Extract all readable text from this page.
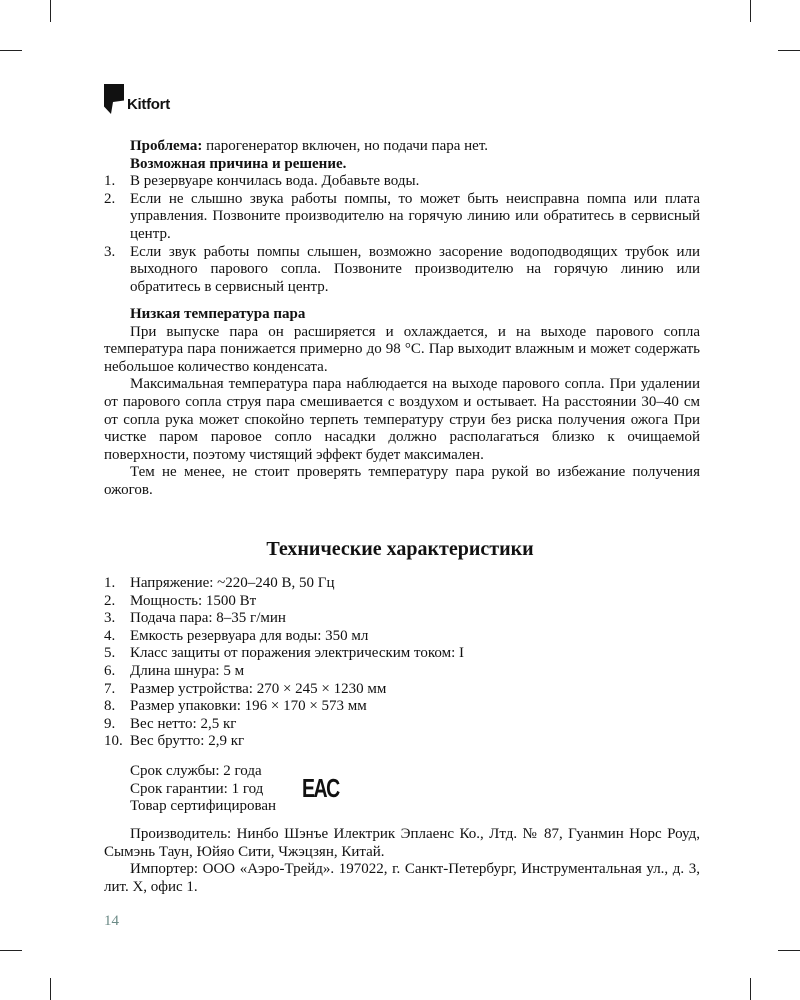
Kitfort
Проблема: парогенератор включен, но подачи пара нет.
Возможная причина и решение.
1. В резервуаре кончилась вода. Добавьте воды.
2. Если не слышно звука работы помпы, то может быть неисправна помпа или плата управления. Позвоните производителю на горячую линию или обратитесь в сервисный центр.
3. Если звук работы помпы слышен, возможно засорение водоподводящих трубок или выходного парового сопла. Позвоните производителю на горячую линию или обратитесь в сервисный центр.
Низкая температура пара

При выпуске пара он расширяется и охлаждается, и на выходе парового сопла температура пара понижается примерно до 98 °С. Пар выходит влажным и может содержать небольшое количество конденсата.

Максимальная температура пара наблюдается на выходе парового сопла. При удалении от парового сопла струя пара смешивается с воздухом и остывает. На расстоянии 30–40 см от сопла рука может спокойно терпеть температуру струи без риска получения ожога При чистке паром паровое сопло насадки должно располагаться близко к очищаемой поверхности, поэтому чистящий эффект будет максимален.

Тем не менее, не стоит проверять температуру пара рукой во избежание получения ожогов.

Технические характеристики
1. Напряжение: ~220–240 В, 50 Гц
2. Мощность: 1500 Вт
3. Подача пара: 8–35 г/мин
4. Емкость резервуара для воды: 350 мл
5. Класс защиты от поражения электрическим током: I
6. Длина шнура: 5 м
7. Размер устройства: 270 × 245 × 1230 мм
8. Размер упаковки: 196 × 170 × 573 мм
9. Вес нетто: 2,5 кг
10. Вес брутто: 2,9 кг
Срок службы: 2 года
Срок гарантии: 1 год
Товар сертифицирован
EAC

Производитель: Нинбо Шэнъе Илектрик Эплаенс Ко., Лтд. № 87, Гуанмин Норс Роуд, Сымэнь Таун, Юйяо Сити, Чжэцзян, Китай.

Импортер: ООО «Аэро-Трейд». 197022, г. Санкт-Петербург, Инструментальная ул., д. 3, лит. Х, офис 1.

14
